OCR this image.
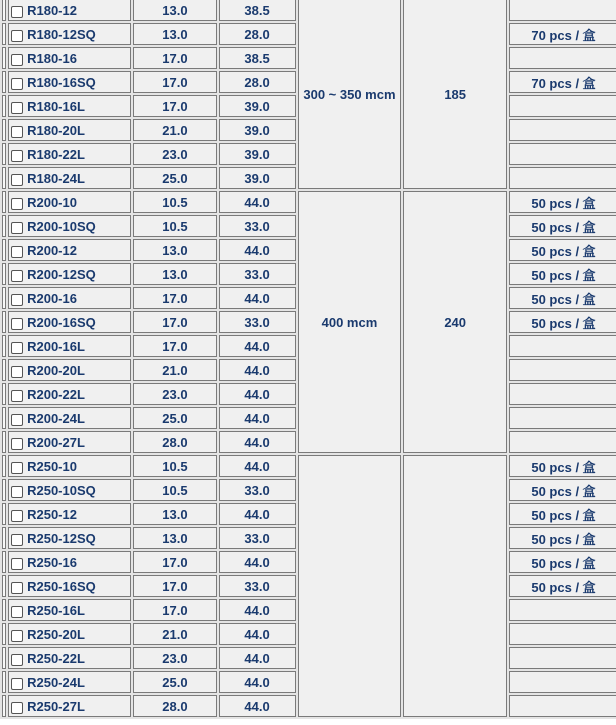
	R180-12	13.0	38.5	300 ~ 350 mcm	185	
	R180-12SQ	13.0	28.0			70 pcs / 盒
	R180-16	17.0	38.5			
	R180-16SQ	17.0	28.0			70 pcs / 盒
	R180-16L	17.0	39.0			
	R180-20L	21.0	39.0			
	R180-22L	23.0	39.0			
	R180-24L	25.0	39.0			
	R200-10	10.5	44.0	400 mcm	240	50 pcs / 盒
	R200-10SQ	10.5	33.0			50 pcs / 盒
	R200-12	13.0	44.0			50 pcs / 盒
	R200-12SQ	13.0	33.0			50 pcs / 盒
	R200-16	17.0	44.0			50 pcs / 盒
	R200-16SQ	17.0	33.0			50 pcs / 盒
	R200-16L	17.0	44.0			
	R200-20L	21.0	44.0			
	R200-22L	23.0	44.0			
	R200-24L	25.0	44.0			
	R200-27L	28.0	44.0			
	R250-10	10.5	44.0			50 pcs / 盒
	R250-10SQ	10.5	33.0			50 pcs / 盒
	R250-12	13.0	44.0			50 pcs / 盒
	R250-12SQ	13.0	33.0			50 pcs / 盒
	R250-16	17.0	44.0			50 pcs / 盒
	R250-16SQ	17.0	33.0			50 pcs / 盒
	R250-16L	17.0	44.0			
	R250-20L	21.0	44.0			
	R250-22L	23.0	44.0			
	R250-24L	25.0	44.0			
	R250-27L	28.0	44.0			
